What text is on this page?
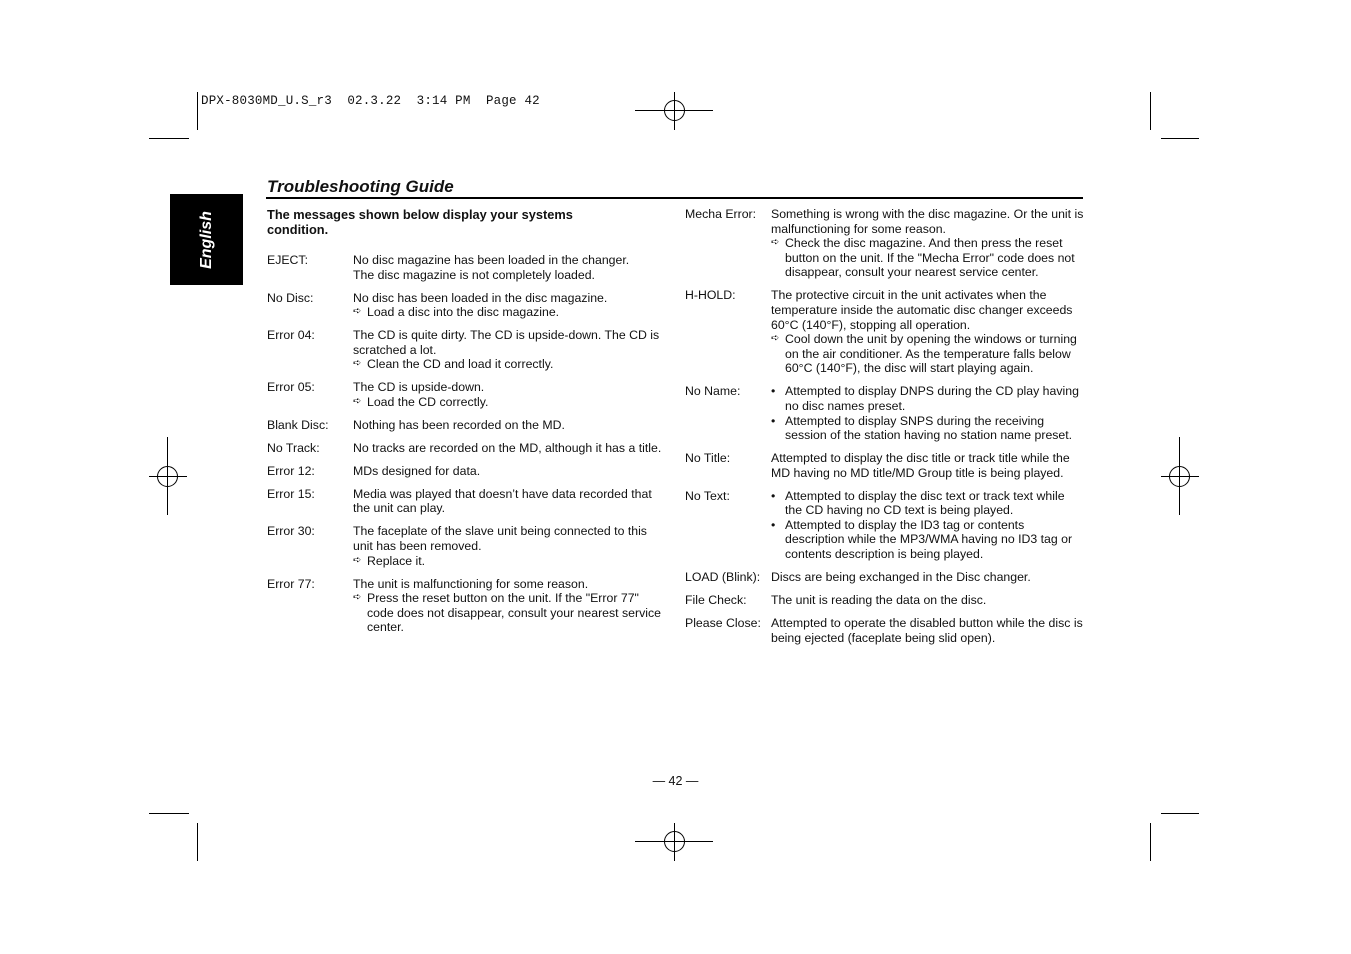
DPX-8030MD_U.S_r3  02.3.22  3:14 PM  Page 42
English
Troubleshooting Guide
The messages shown below display your systems condition.
EJECT:	No disc magazine has been loaded in the changer.

The disc magazine is not completely loaded.

No Disc:	No disc has been loaded in the disc magazine.

➪ Load a disc into the disc magazine.
Error 04:	The CD is quite dirty. The CD is upside-down. The CD is scratched a lot.

➪ Clean the CD and load it correctly.
Error 05:	The CD is upside-down.

➪ Load the CD correctly.
Blank Disc:	Nothing has been recorded on the MD.

No Track:	No tracks are recorded on the MD, although it has a title.

Error 12:	MDs designed for data.

Error 15:	Media was played that doesn’t have data recorded that the unit can play.

Error 30:	The faceplate of the slave unit being connected to this unit has been removed.

➪ Replace it.
Error 77:	The unit is malfunctioning for some reason.

➪ Press the reset button on the unit. If the "Error 77" code does not disappear, consult your nearest service center.
Mecha Error:	Something is wrong with the disc magazine. Or the unit is malfunctioning for some reason.

➪ Check the disc magazine. And then press the reset button on the unit. If the "Mecha Error" code does not disappear, consult your nearest service center.
H-HOLD:	The protective circuit in the unit activates when the temperature inside the automatic disc changer exceeds 60°C (140°F), stopping all operation.

➪ Cool down the unit by opening the windows or turning on the air conditioner. As the temperature falls below 60°C (140°F), the disc will start playing again.
No Name:	• Attempted to display DNPS during the CD play having no disc names preset.
• Attempted to display SNPS during the receiving session of the station having no station name preset.
No Title:	Attempted to display the disc title or track title while the MD having no MD title/MD Group title is being played.

No Text:	• Attempted to display the disc text or track text while the CD having no CD text is being played.
• Attempted to display the ID3 tag or contents description while the MP3/WMA having no ID3 tag or contents description is being played.
LOAD (Blink): Discs are being exchanged in the Disc changer.

File Check:	The unit is reading the data on the disc.

Please Close: Attempted to operate the disabled button while the disc is being ejected (faceplate being slid open).

— 42 —
